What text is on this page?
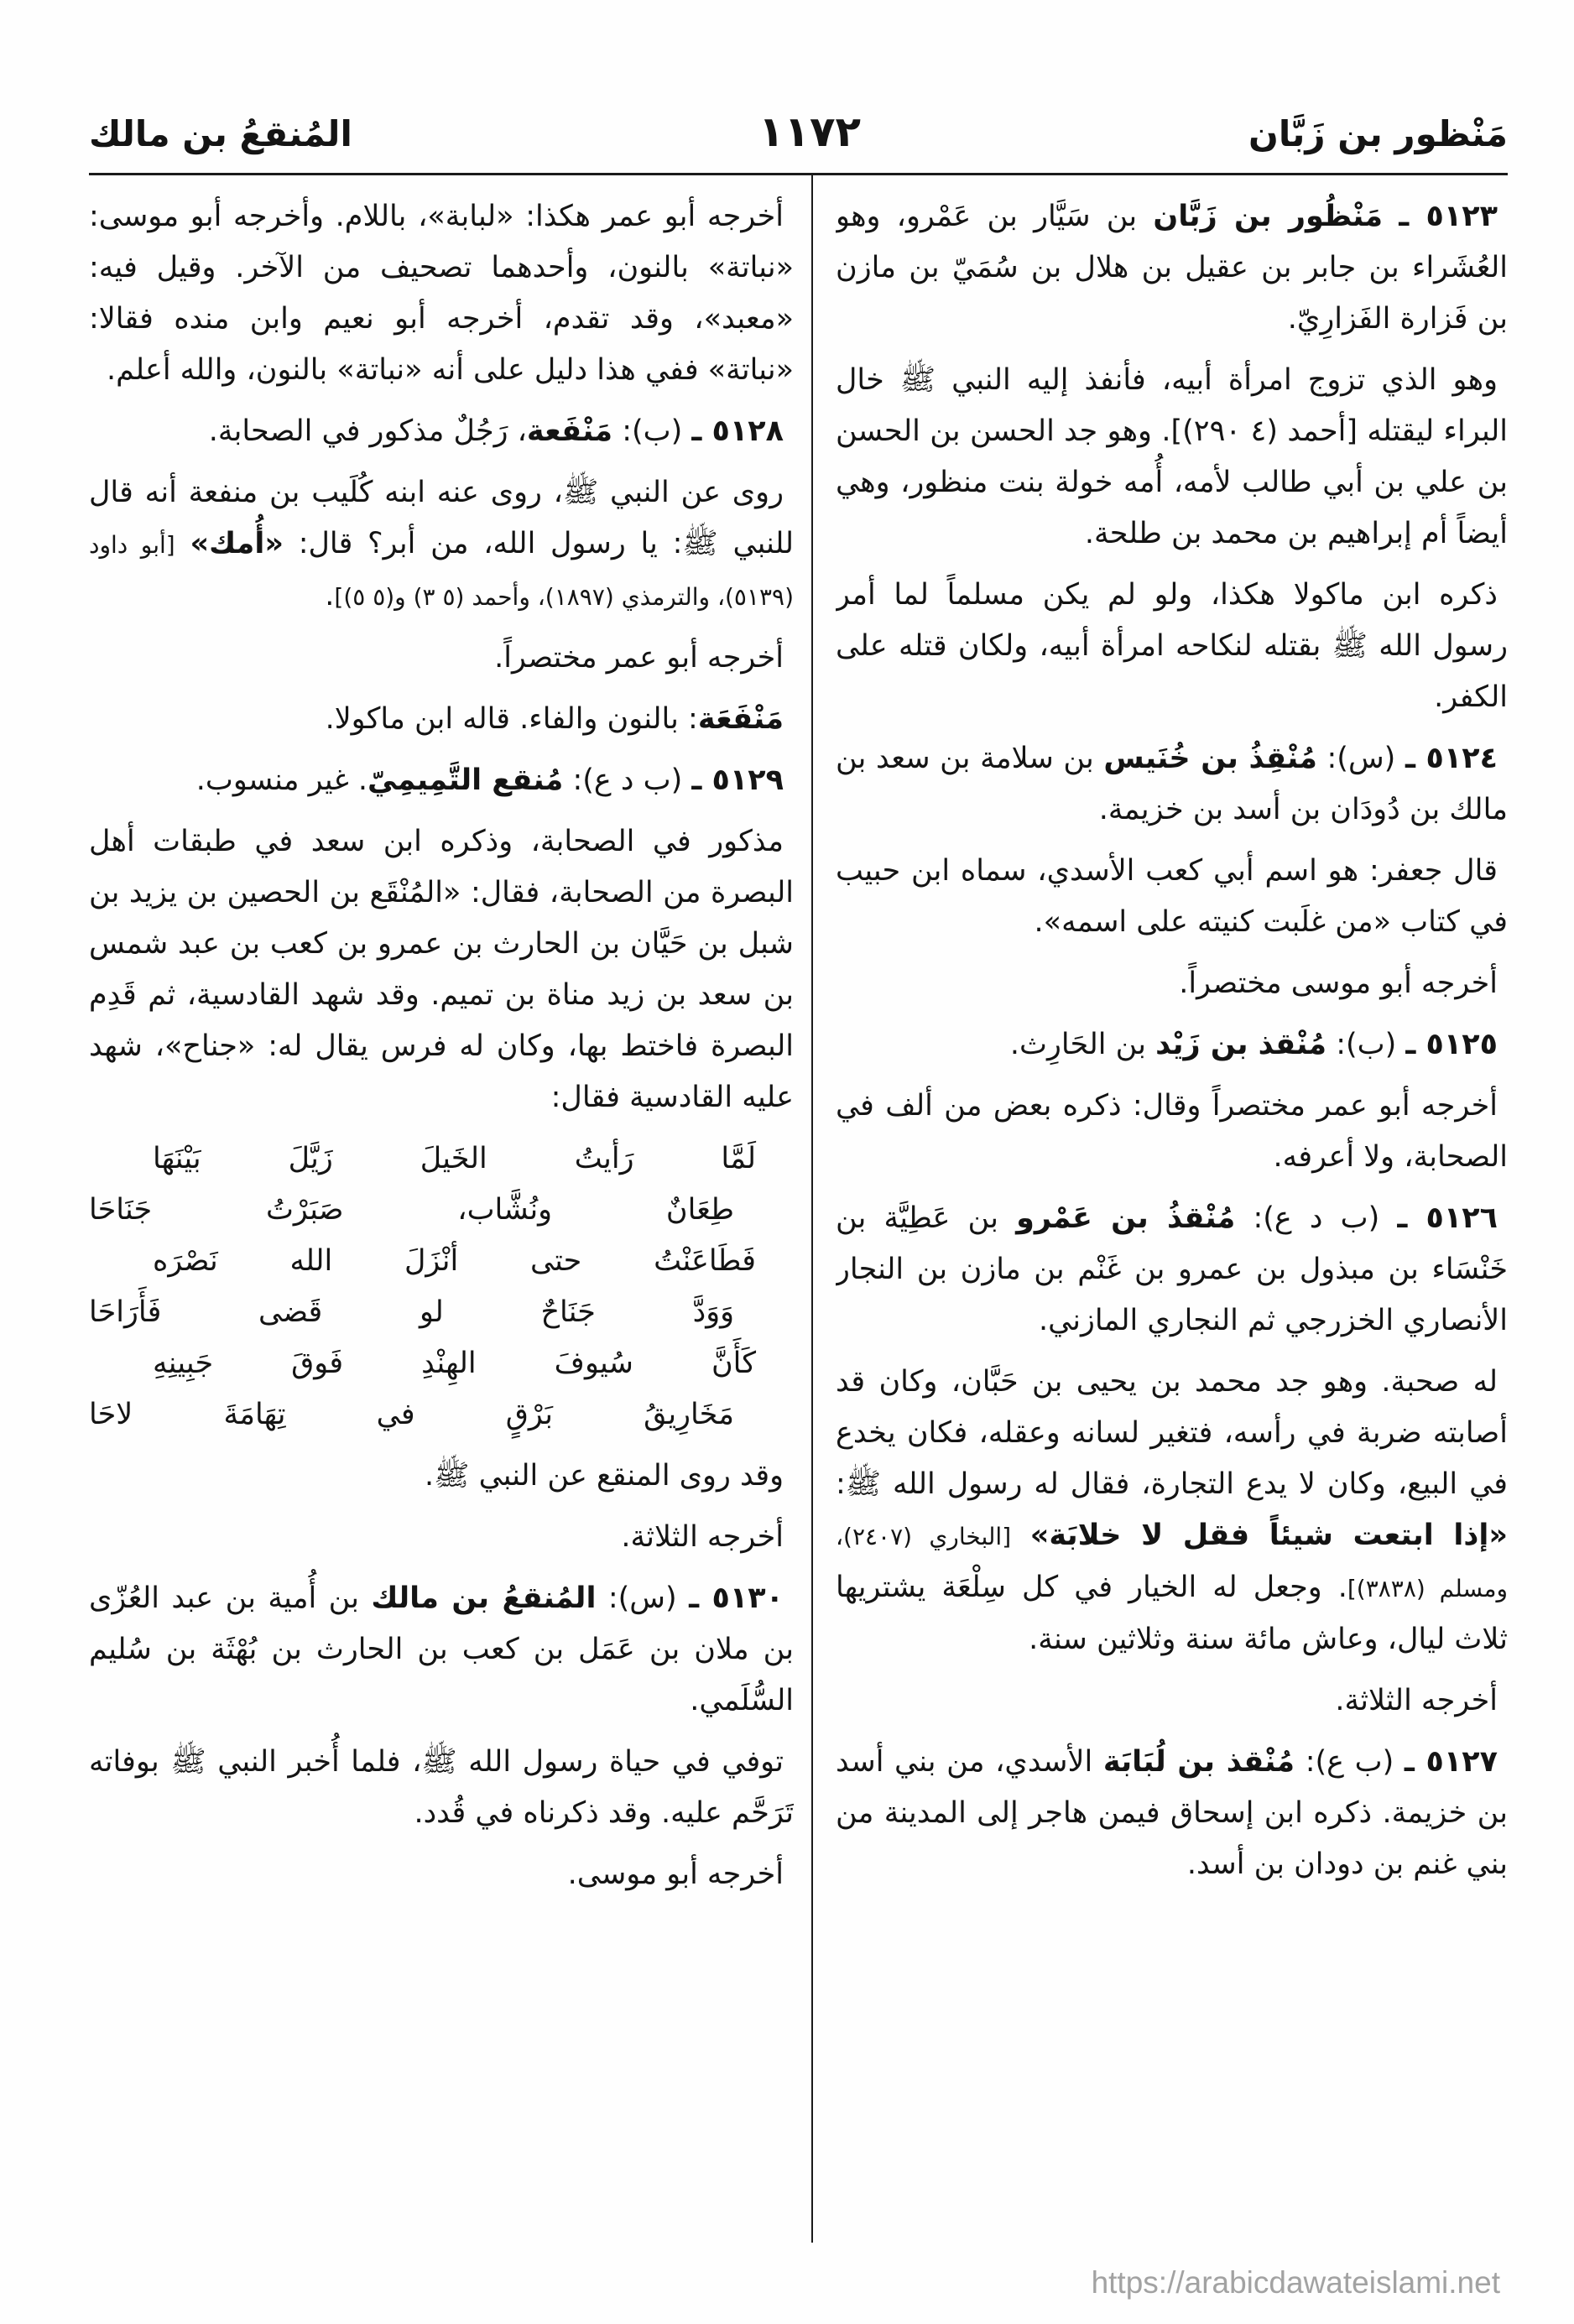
مَنْظور بن زَبَّان
١١٧٢
المُنقعُ بن مالك

٥١٢٣ ـ مَنْظُور بن زَبَّان بن سَيَّار بن عَمْرو، وهو العُشَراء بن جابر بن عقيل بن هلال بن سُمَيّ بن مازن بن فَزارة الفَزارِيّ.

وهو الذي تزوج امرأة أبيه، فأنفذ إليه النبي ﷺ خال البراء ليقتله [أحمد (٤ ٢٩٠)]. وهو جد الحسن بن الحسن بن علي بن أبي طالب لأمه، أُمه خولة بنت منظور، وهي أيضاً أم إبراهيم بن محمد بن طلحة.

ذكره ابن ماكولا هكذا، ولو لم يكن مسلماً لما أمر رسول الله ﷺ بقتله لنكاحه امرأة أبيه، ولكان قتله على الكفر.

٥١٢٤ ـ (س): مُنْقِذُ بن خُنَيس بن سلامة بن سعد بن مالك بن دُودَان بن أسد بن خزيمة.

قال جعفر: هو اسم أبي كعب الأسدي، سماه ابن حبيب في كتاب «من غلَبت كنيته على اسمه».

أخرجه أبو موسى مختصراً.

٥١٢٥ ـ (ب): مُنْقذ بن زَيْد بن الحَارِث.

أخرجه أبو عمر مختصراً وقال: ذكره بعض من ألف في الصحابة، ولا أعرفه.

٥١٢٦ ـ (ب د ع): مُنْقذُ بن عَمْرو بن عَطِيَّة بن خَنْسَاء بن مبذول بن عمرو بن غَنْم بن مازن بن النجار الأنصاري الخزرجي ثم النجاري المازني.

له صحبة. وهو جد محمد بن يحيى بن حَبَّان، وكان قد أصابته ضربة في رأسه، فتغير لسانه وعقله، فكان يخدع في البيع، وكان لا يدع التجارة، فقال له رسول الله ﷺ: «إذا ابتعت شيئاً فقل لا خلابَة» [البخاري (٢٤٠٧)، ومسلم (٣٨٣٨)]. وجعل له الخيار في كل سِلْعَة يشتريها ثلاث ليال، وعاش مائة سنة وثلاثين سنة.

أخرجه الثلاثة.

٥١٢٧ ـ (ب ع): مُنْقذ بن لُبَابَة الأسدي، من بني أسد بن خزيمة. ذكره ابن إسحاق فيمن هاجر إلى المدينة من بني غنم بن دودان بن أسد.

أخرجه أبو عمر هكذا: «لبابة»، باللام. وأخرجه أبو موسى: «نباتة» بالنون، وأحدهما تصحيف من الآخر. وقيل فيه: «معبد»، وقد تقدم، أخرجه أبو نعيم وابن منده فقالا: «نباتة» ففي هذا دليل على أنه «نباتة» بالنون، والله أعلم.

٥١٢٨ ـ (ب): مَنْفَعة، رَجُلٌ مذكور في الصحابة.

روى عن النبي ﷺ، روى عنه ابنه كُلَيب بن منفعة أنه قال للنبي ﷺ: يا رسول الله، من أبر؟ قال: «أُمك» [أبو داود (٥١٣٩)، والترمذي (١٨٩٧)، وأحمد (٥ ٣) و(٥ ٥)].

أخرجه أبو عمر مختصراً.

مَنْفَعَة: بالنون والفاء. قاله ابن ماكولا.

٥١٢٩ ـ (ب د ع): مُنقع التَّمِيمِيّ. غير منسوب.

مذكور في الصحابة، وذكره ابن سعد في طبقات أهل البصرة من الصحابة، فقال: «المُنْقَع بن الحصين بن يزيد بن شبل بن حَيَّان بن الحارث بن عمرو بن كعب بن عبد شمس بن سعد بن زيد مناة بن تميم. وقد شهد القادسية، ثم قَدِم البصرة فاختط بها، وكان له فرس يقال له: «جناح»، شهد عليه القادسية فقال:

لَمَّا رَأيتُ الخَيلَ زَيَّلَ بَيْنَهَا
طِعَانٌ ونُشَّاب، صَبَرْتُ جَنَاحَا
فَطَاعَنْتُ حتى أنْزَلَ الله نَصْرَه
وَوَدَّ جَنَاحٌ لو قَضى فَأَرَاحَا
كَأَنَّ سُيوفَ الهِنْدِ فَوقَ جَبِينِهِ
مَخَارِيقُ بَرْقٍ في تِهَامَةَ لاحَا

وقد روى المنقع عن النبي ﷺ.

أخرجه الثلاثة.

٥١٣٠ ـ (س): المُنقعُ بن مالك بن أُمية بن عبد العُزّى بن ملان بن عَمَل بن كعب بن الحارث بن بُهْثَة بن سُليم السُّلَمي.

توفي في حياة رسول الله ﷺ، فلما أُخبر النبي ﷺ بوفاته تَرَحَّم عليه. وقد ذكرناه في قُدد.

أخرجه أبو موسى.

https://arabicdawateislami.net
